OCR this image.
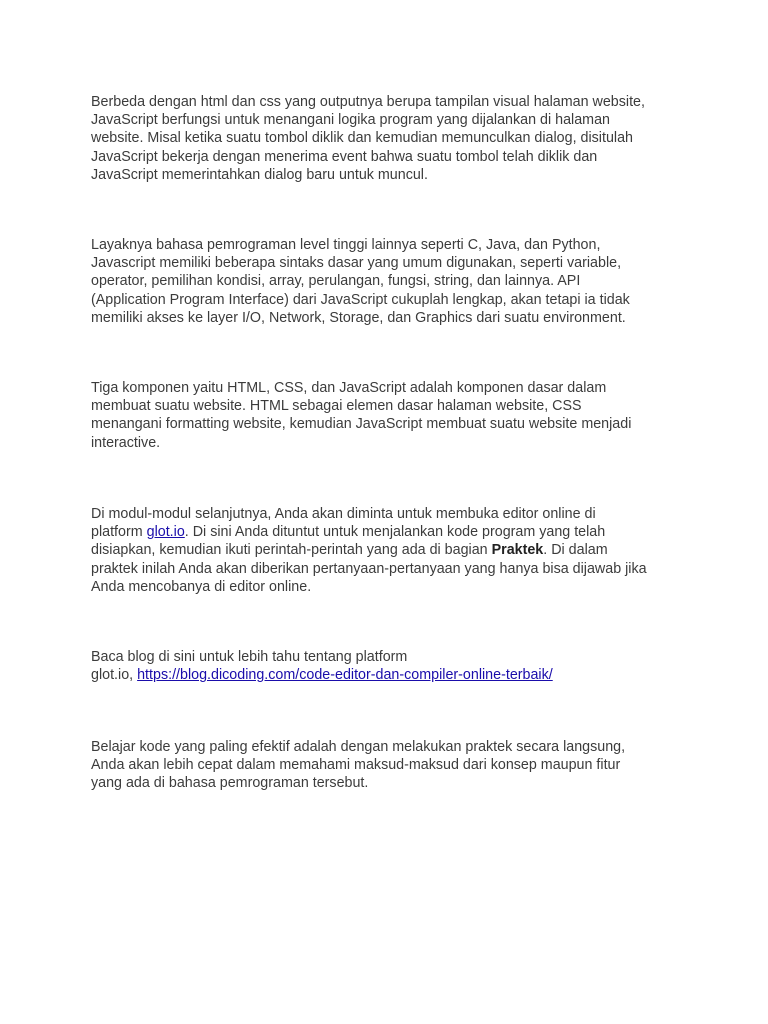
Berbeda dengan html dan css yang outputnya berupa tampilan visual halaman website,
JavaScript berfungsi untuk menangani logika program yang dijalankan di halaman
website. Misal ketika suatu tombol diklik dan kemudian memunculkan dialog, disitulah
JavaScript bekerja dengan menerima event bahwa suatu tombol telah diklik dan
JavaScript memerintahkan dialog baru untuk muncul.

Layaknya bahasa pemrograman level tinggi lainnya seperti C, Java, dan Python,
Javascript memiliki beberapa sintaks dasar yang umum digunakan, seperti variable,
operator, pemilihan kondisi, array, perulangan, fungsi, string, dan lainnya. API
(Application Program Interface) dari JavaScript cukuplah lengkap, akan tetapi ia tidak
memiliki akses ke layer I/O, Network, Storage, dan Graphics dari suatu environment.

Tiga komponen yaitu HTML, CSS, dan JavaScript adalah komponen dasar dalam
membuat suatu website. HTML sebagai elemen dasar halaman website, CSS
menangani formatting website, kemudian JavaScript membuat suatu website menjadi
interactive.

Di modul-modul selanjutnya, Anda akan diminta untuk membuka editor online di
platform glot.io. Di sini Anda dituntut untuk menjalankan kode program yang telah
disiapkan, kemudian ikuti perintah-perintah yang ada di bagian Praktek. Di dalam
praktek inilah Anda akan diberikan pertanyaan-pertanyaan yang hanya bisa dijawab jika
Anda mencobanya di editor online.

Baca blog di sini untuk lebih tahu tentang platform
glot.io, https://blog.dicoding.com/code-editor-dan-compiler-online-terbaik/

Belajar kode yang paling efektif adalah dengan melakukan praktek secara langsung,
Anda akan lebih cepat dalam memahami maksud-maksud dari konsep maupun fitur
yang ada di bahasa pemrograman tersebut.
